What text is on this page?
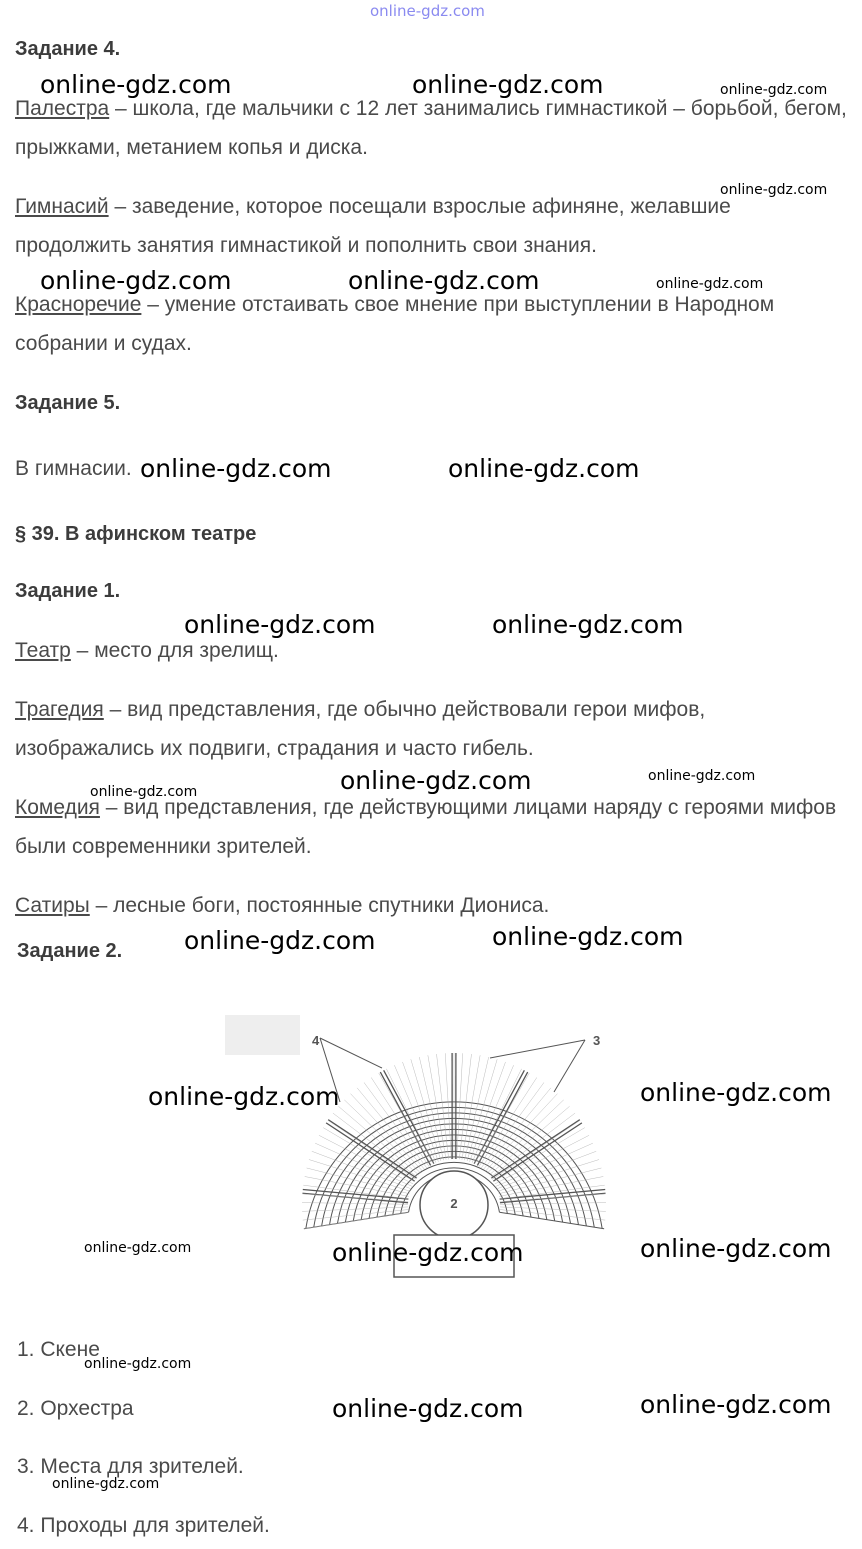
online-gdz.com
Задание 4.
Палестра – школа, где мальчики с 12 лет занимались гимнастикой – борьбой, бегом, прыжками, метанием копья и диска.
Гимнасий – заведение, которое посещали взрослые афиняне, желавшие продолжить занятия гимнастикой и пополнить свои знания.
Красноречие – умение отстаивать свое мнение при выступлении в Народном собрании и судах.
Задание 5.
В гимнасии.
§ 39. В афинском театре
Задание 1.
Театр – место для зрелищ.
Трагедия – вид представления, где обычно действовали герои мифов, изображались их подвиги, страдания и часто гибель.
Комедия – вид представления, где действующими лицами наряду с героями мифов были современники зрителей.
Сатиры – лесные боги, постоянные спутники Диониса.
Задание 2.
2
3
4
1. Скене
2. Орхестра
3. Места для зрителей.
4. Проходы для зрителей.
online-gdz.com	online-gdz.com	online-gdz.com
online-gdz.com
online-gdz.com	online-gdz.com	online-gdz.com
online-gdz.com	online-gdz.com
online-gdz.com	online-gdz.com
online-gdz.com	online-gdz.com	online-gdz.com
online-gdz.com	online-gdz.com
online-gdz.com	online-gdz.com
online-gdz.com	online-gdz.com	online-gdz.com
online-gdz.com
online-gdz.com	online-gdz.com
online-gdz.com
